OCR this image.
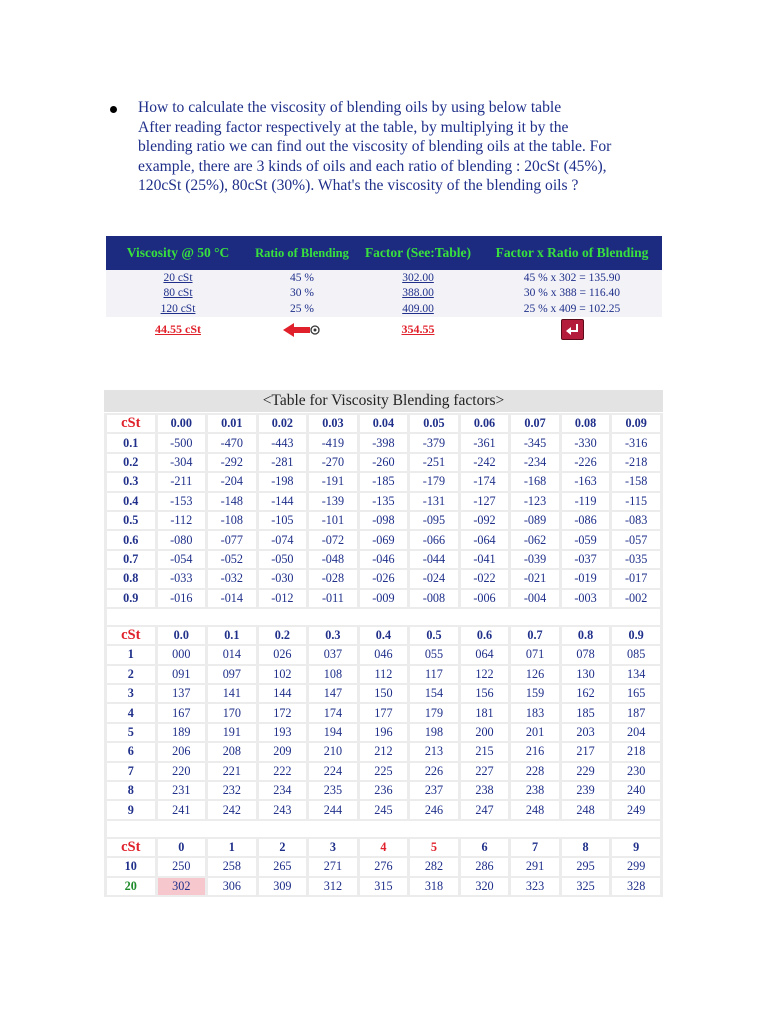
How to calculate the viscosity of blending oils by using below table
After reading factor respectively at the table, by multiplying it by the
blending ratio we can find out the viscosity of blending oils at the table. For
example, there are 3 kinds of oils and each ratio of blending : 20cSt (45%),
120cSt (25%), 80cSt (30%). What's the viscosity of the blending oils ?
Viscosity @ 50 °C	Ratio of Blending	Factor (See:Table)	Factor x Ratio of Blending
20 cSt	45 %	302.00	45 % x 302 = 135.90
80 cSt	30 %	388.00	30 % x 388 = 116.40
120 cSt	25 %	409.00	25 % x 409 = 102.25
44.55 cSt		354.55	
<Table for Viscosity Blending factors>
cSt	0.00	0.01	0.02	0.03	0.04	0.05	0.06	0.07	0.08	0.09
0.1	-500	-470	-443	-419	-398	-379	-361	-345	-330	-316
0.2	-304	-292	-281	-270	-260	-251	-242	-234	-226	-218
0.3	-211	-204	-198	-191	-185	-179	-174	-168	-163	-158
0.4	-153	-148	-144	-139	-135	-131	-127	-123	-119	-115
0.5	-112	-108	-105	-101	-098	-095	-092	-089	-086	-083
0.6	-080	-077	-074	-072	-069	-066	-064	-062	-059	-057
0.7	-054	-052	-050	-048	-046	-044	-041	-039	-037	-035
0.8	-033	-032	-030	-028	-026	-024	-022	-021	-019	-017
0.9	-016	-014	-012	-011	-009	-008	-006	-004	-003	-002

cSt	0.0	0.1	0.2	0.3	0.4	0.5	0.6	0.7	0.8	0.9
1	000	014	026	037	046	055	064	071	078	085
2	091	097	102	108	112	117	122	126	130	134
3	137	141	144	147	150	154	156	159	162	165
4	167	170	172	174	177	179	181	183	185	187
5	189	191	193	194	196	198	200	201	203	204
6	206	208	209	210	212	213	215	216	217	218
7	220	221	222	224	225	226	227	228	229	230
8	231	232	234	235	236	237	238	238	239	240
9	241	242	243	244	245	246	247	248	248	249

cSt	0	1	2	3	4	5	6	7	8	9
10	250	258	265	271	276	282	286	291	295	299
20	302	306	309	312	315	318	320	323	325	328
